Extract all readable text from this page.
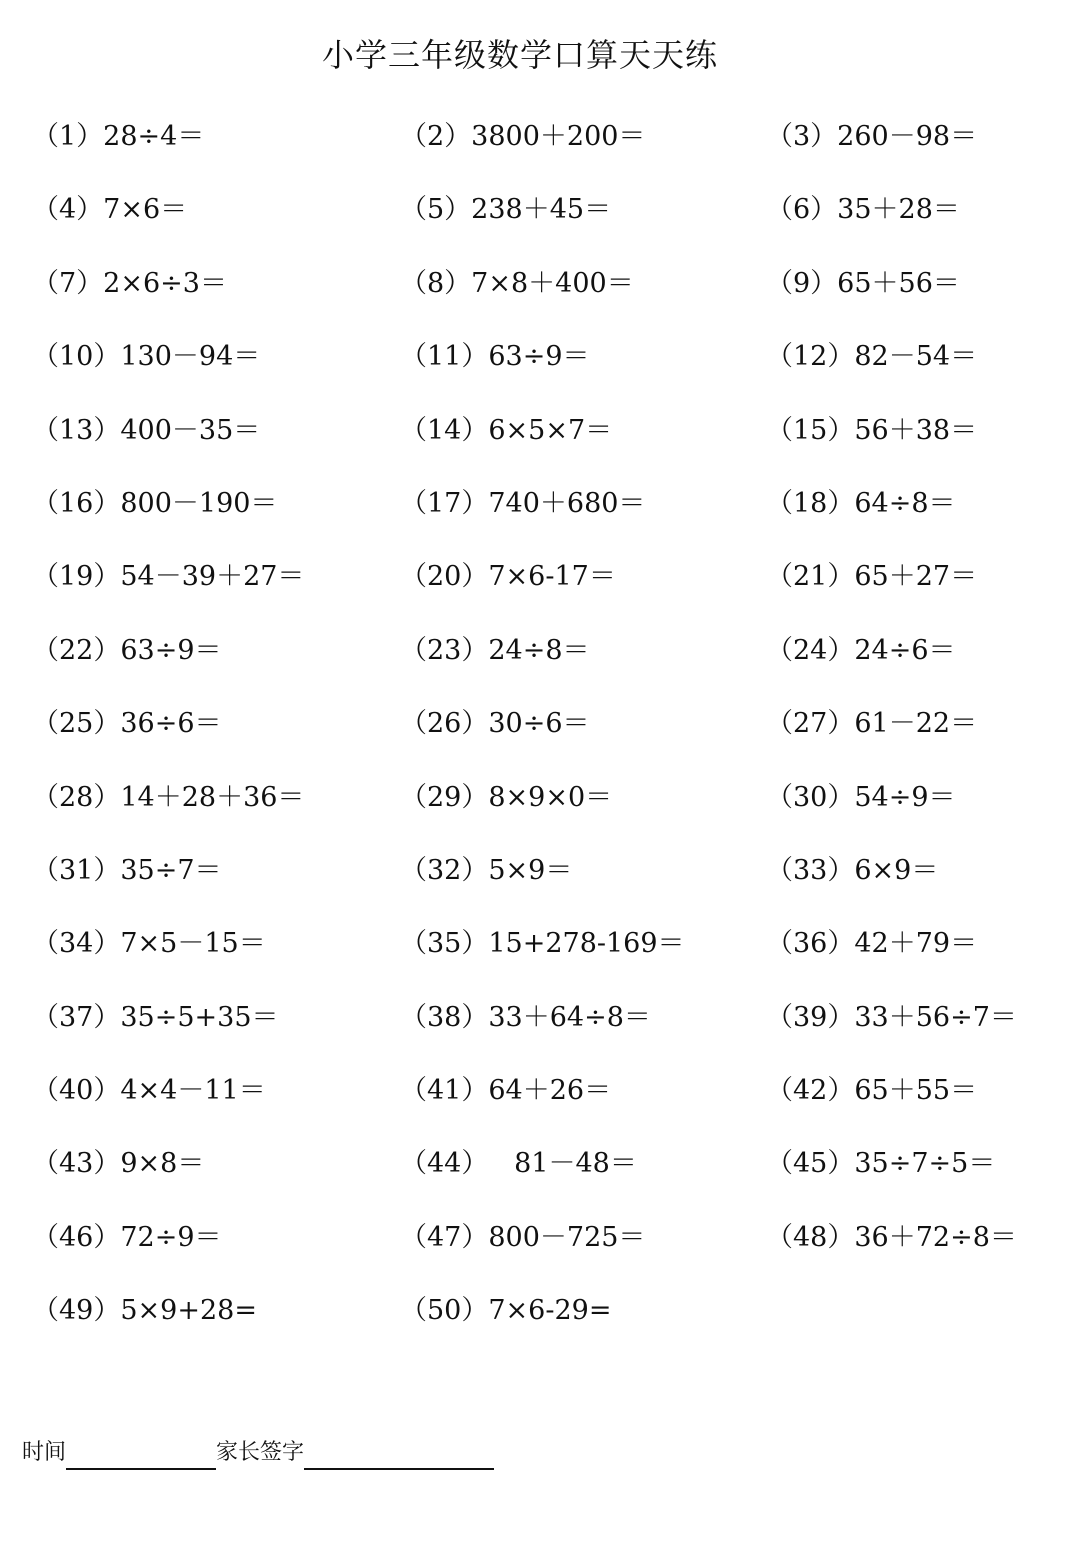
小学三年级数学口算天天练
（1）28÷4＝	（2）3800＋200＝	（3）260－98＝
（4）7×6＝	（5）238＋45＝	（6）35＋28＝
（7）2×6÷3＝	（8）7×8＋400＝	（9）65＋56＝
（10）130－94＝	（11）63÷9＝	（12）82－54＝
（13）400－35＝	（14）6×5×7＝	（15）56＋38＝
（16）800－190＝	（17）740＋680＝	（18）64÷8＝
（19）54－39＋27＝	（20）7×6-17＝	（21）65＋27＝
（22）63÷9＝	（23）24÷8＝	（24）24÷6＝
（25）36÷6＝	（26）30÷6＝	（27）61－22＝
（28）14＋28＋36＝	（29）8×9×0＝	（30）54÷9＝
（31）35÷7＝	（32）5×9＝	（33）6×9＝
（34）7×5－15＝	（35）15+278-169＝	（36）42＋79＝
（37）35÷5+35＝	（38）33＋64÷8＝	（39）33＋56÷7＝
（40）4×4－11＝	（41）64＋26＝	（42）65＋55＝
（43）9×8＝	（44）   81－48＝	（45）35÷7÷5＝
（46）72÷9＝	（47）800－725＝	（48）36＋72÷8＝
（49）5×9+28=	（50）7×6-29=
时间	家长签字
